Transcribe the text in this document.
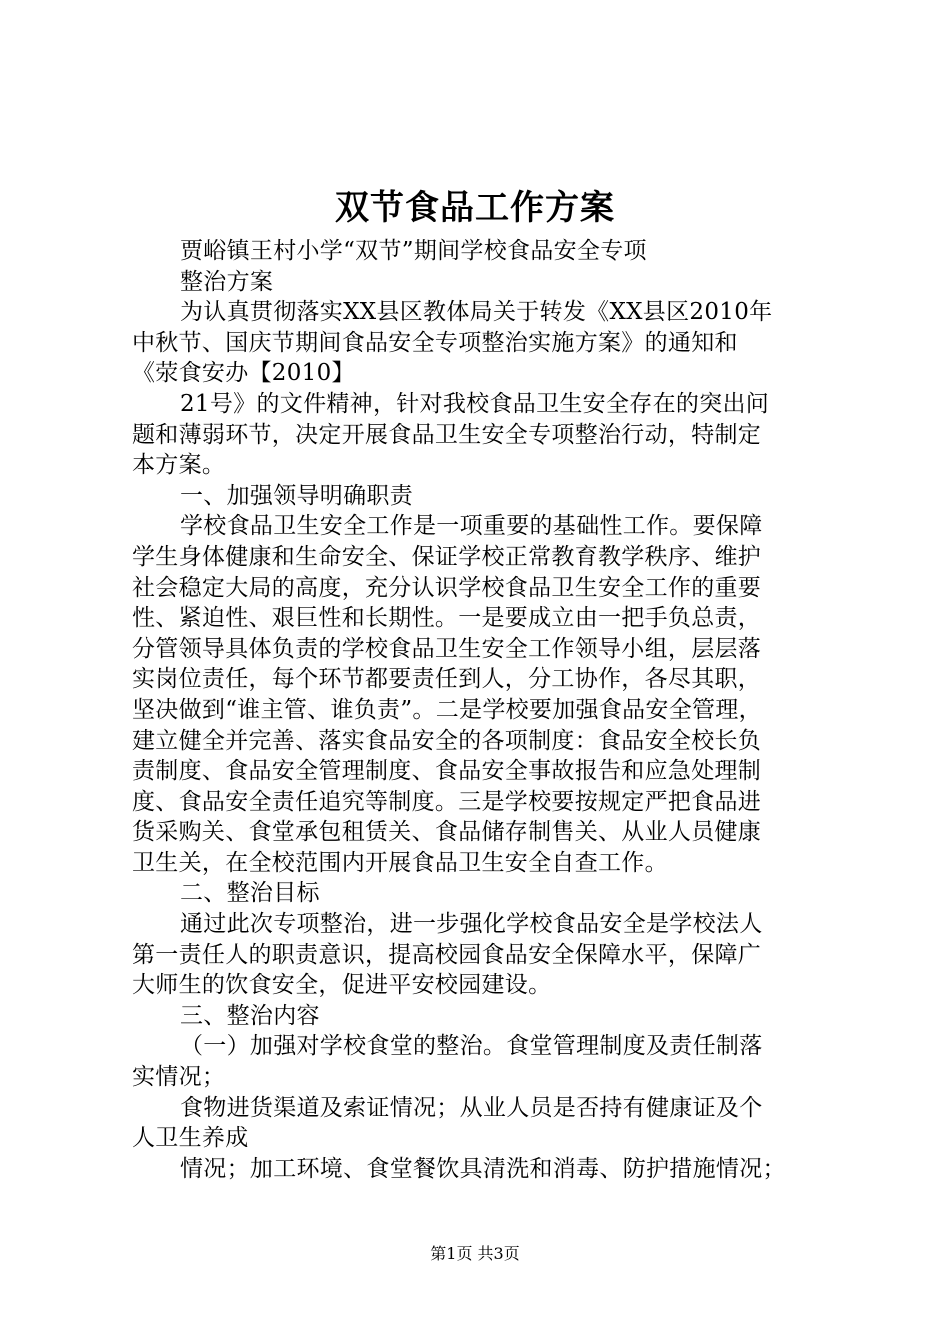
双节食品工作方案
贾峪镇王村小学“双节”期间学校食品安全专项
整治方案
为认真贯彻落实XX县区教体局关于转发《XX县区2010年
中秋节、国庆节期间食品安全专项整治实施方案》的通知和
《荥食安办【2010】
21号》的文件精神，针对我校食品卫生安全存在的突出问
题和薄弱环节，决定开展食品卫生安全专项整治行动，特制定
本方案。
一、加强领导明确职责
学校食品卫生安全工作是一项重要的基础性工作。要保障
学生身体健康和生命安全、保证学校正常教育教学秩序、维护
社会稳定大局的高度，充分认识学校食品卫生安全工作的重要
性、紧迫性、艰巨性和长期性。一是要成立由一把手负总责，
分管领导具体负责的学校食品卫生安全工作领导小组，层层落
实岗位责任，每个环节都要责任到人，分工协作，各尽其职，
坚决做到“谁主管、谁负责”。二是学校要加强食品安全管理，
建立健全并完善、落实食品安全的各项制度：食品安全校长负
责制度、食品安全管理制度、食品安全事故报告和应急处理制
度、食品安全责任追究等制度。三是学校要按规定严把食品进
货采购关、食堂承包租赁关、食品储存制售关、从业人员健康
卫生关，在全校范围内开展食品卫生安全自查工作。
二、整治目标
通过此次专项整治，进一步强化学校食品安全是学校法人
第一责任人的职责意识，提高校园食品安全保障水平，保障广
大师生的饮食安全，促进平安校园建设。
三、整治内容
（一）加强对学校食堂的整治。食堂管理制度及责任制落
实情况；
食物进货渠道及索证情况；从业人员是否持有健康证及个
人卫生养成
情况；加工环境、食堂餐饮具清洗和消毒、防护措施情况；
第1页 共3页
